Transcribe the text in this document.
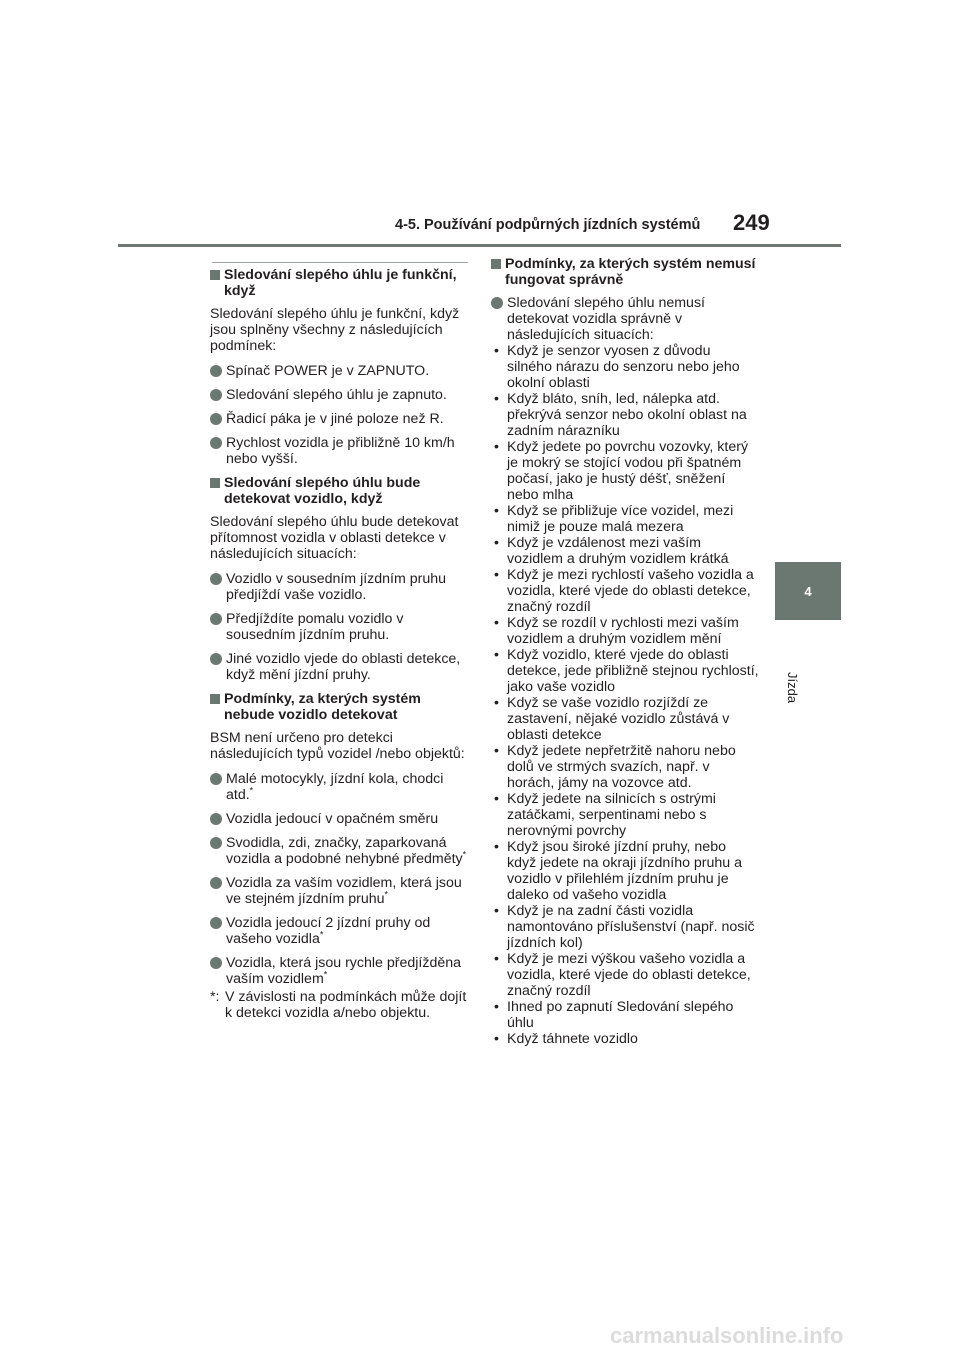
4-5. Používání podpůrných jízdních systémů 249
4
Jízda
Sledování slepého úhlu je funkční, když
Sledování slepého úhlu je funkční, když jsou splněny všechny z následujících podmínek:
Spínač POWER je v ZAPNUTO.
Sledování slepého úhlu je zapnuto.
Řadicí páka je v jiné poloze než R.
Rychlost vozidla je přibližně 10 km/h nebo vyšší.
Sledování slepého úhlu bude detekovat vozidlo, když
Sledování slepého úhlu bude detekovat přítomnost vozidla v oblasti detekce v následujících situacích:
Vozidlo v sousedním jízdním pruhu předjíždí vaše vozidlo.
Předjíždíte pomalu vozidlo v sousedním jízdním pruhu.
Jiné vozidlo vjede do oblasti detekce, když mění jízdní pruhy.
Podmínky, za kterých systém nebude vozidlo detekovat
BSM není určeno pro detekci následujících typů vozidel /nebo objektů:
Malé motocykly, jízdní kola, chodci atd.*
Vozidla jedoucí v opačném směru
Svodidla, zdi, značky, zaparkovaná vozidla a podobné nehybné předměty*
Vozidla za vaším vozidlem, která jsou ve stejném jízdním pruhu*
Vozidla jedoucí 2 jízdní pruhy od vašeho vozidla*
Vozidla, která jsou rychle předjížděna vaším vozidlem*
*: V závislosti na podmínkách může dojít k detekci vozidla a/nebo objektu.
Podmínky, za kterých systém nemusí fungovat správně
Sledování slepého úhlu nemusí detekovat vozidla správně v následujících situacích:
• Když je senzor vyosen z důvodu silného nárazu do senzoru nebo jeho okolní oblasti
• Když bláto, sníh, led, nálepka atd. překrývá senzor nebo okolní oblast na zadním nárazníku
• Když jedete po povrchu vozovky, který je mokrý se stojící vodou při špatném počasí, jako je hustý déšť, sněžení nebo mlha
• Když se přibližuje více vozidel, mezi nimiž je pouze malá mezera
• Když je vzdálenost mezi vaším vozidlem a druhým vozidlem krátká
• Když je mezi rychlostí vašeho vozidla a vozidla, které vjede do oblasti detekce, značný rozdíl
• Když se rozdíl v rychlosti mezi vaším vozidlem a druhým vozidlem mění
• Když vozidlo, které vjede do oblasti detekce, jede přibližně stejnou rychlostí, jako vaše vozidlo
• Když se vaše vozidlo rozjíždí ze zastavení, nějaké vozidlo zůstává v oblasti detekce
• Když jedete nepřetržitě nahoru nebo dolů ve strmých svazích, např. v horách, jámy na vozovce atd.
• Když jedete na silnicích s ostrými zatáčkami, serpentinami nebo s nerovnými povrchy
• Když jsou široké jízdní pruhy, nebo když jedete na okraji jízdního pruhu a vozidlo v přilehlém jízdním pruhu je daleko od vašeho vozidla
• Když je na zadní části vozidla namontováno příslušenství (např. nosič jízdních kol)
• Když je mezi výškou vašeho vozidla a vozidla, které vjede do oblasti detekce, značný rozdíl
• Ihned po zapnutí Sledování slepého úhlu
• Když táhnete vozidlo
carmanualsonline.info
